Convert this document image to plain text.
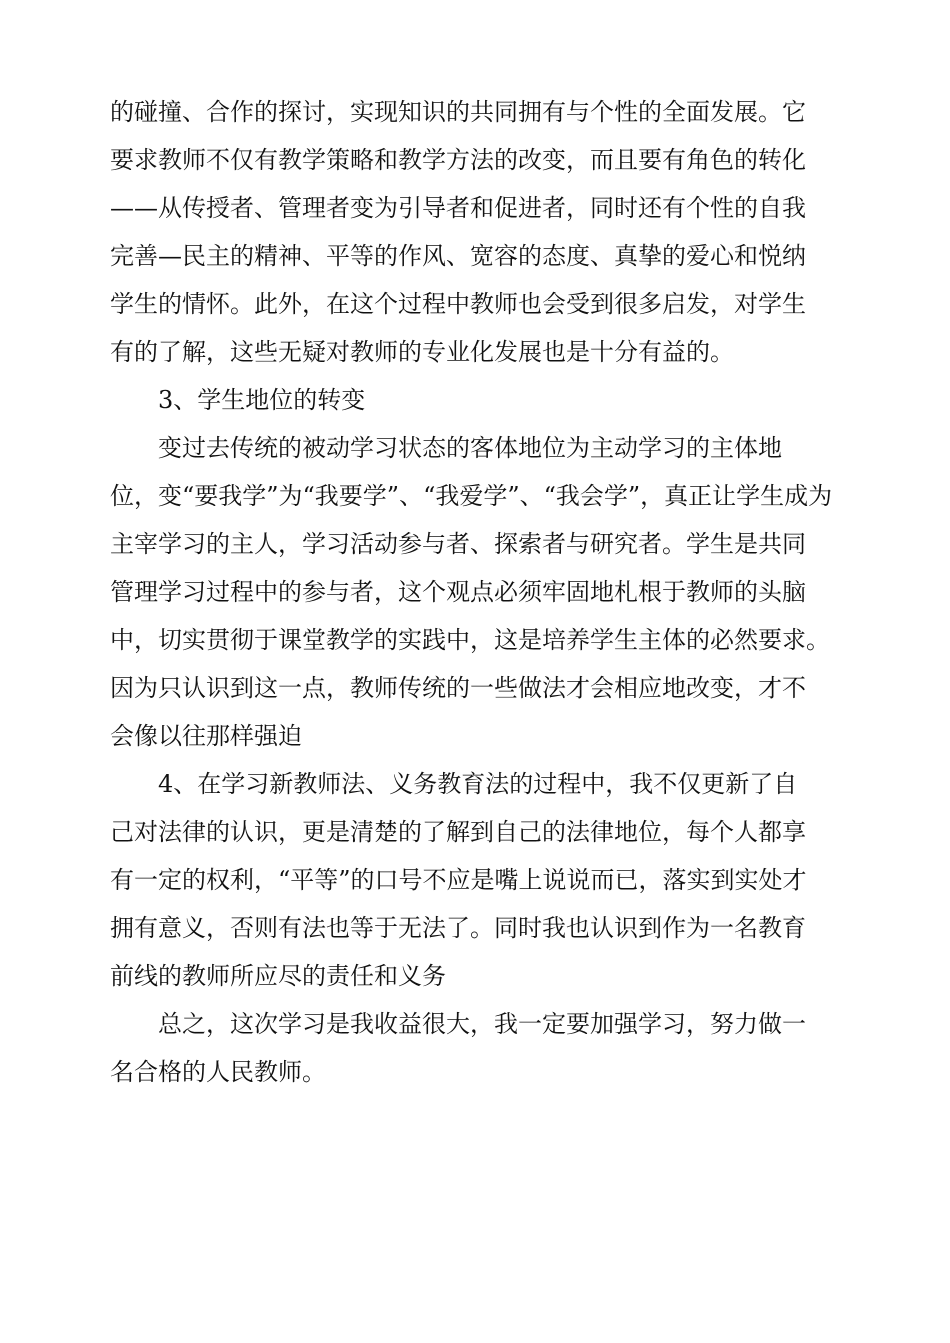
的碰撞、合作的探讨，实现知识的共同拥有与个性的全面发展。它
要求教师不仅有教学策略和教学方法的改变，而且要有角色的转化
——从传授者、管理者变为引导者和促进者，同时还有个性的自我
完善—民主的精神、平等的作风、宽容的态度、真挚的爱心和悦纳
学生的情怀。此外，在这个过程中教师也会受到很多启发，对学生
有的了解，这些无疑对教师的专业化发展也是十分有益的。
　　3、学生地位的转变
　　变过去传统的被动学习状态的客体地位为主动学习的主体地
位，变“要我学”为“我要学”、“我爱学”、“我会学”，真正让学生成为
主宰学习的主人，学习活动参与者、探索者与研究者。学生是共同
管理学习过程中的参与者，这个观点必须牢固地札根于教师的头脑
中，切实贯彻于课堂教学的实践中，这是培养学生主体的必然要求。
因为只认识到这一点，教师传统的一些做法才会相应地改变，才不
会像以往那样强迫
　　4、在学习新教师法、义务教育法的过程中，我不仅更新了自
己对法律的认识，更是清楚的了解到自己的法律地位，每个人都享
有一定的权利，“平等”的口号不应是嘴上说说而已，落实到实处才
拥有意义，否则有法也等于无法了。同时我也认识到作为一名教育
前线的教师所应尽的责任和义务
　　总之，这次学习是我收益很大，我一定要加强学习，努力做一
名合格的人民教师。
